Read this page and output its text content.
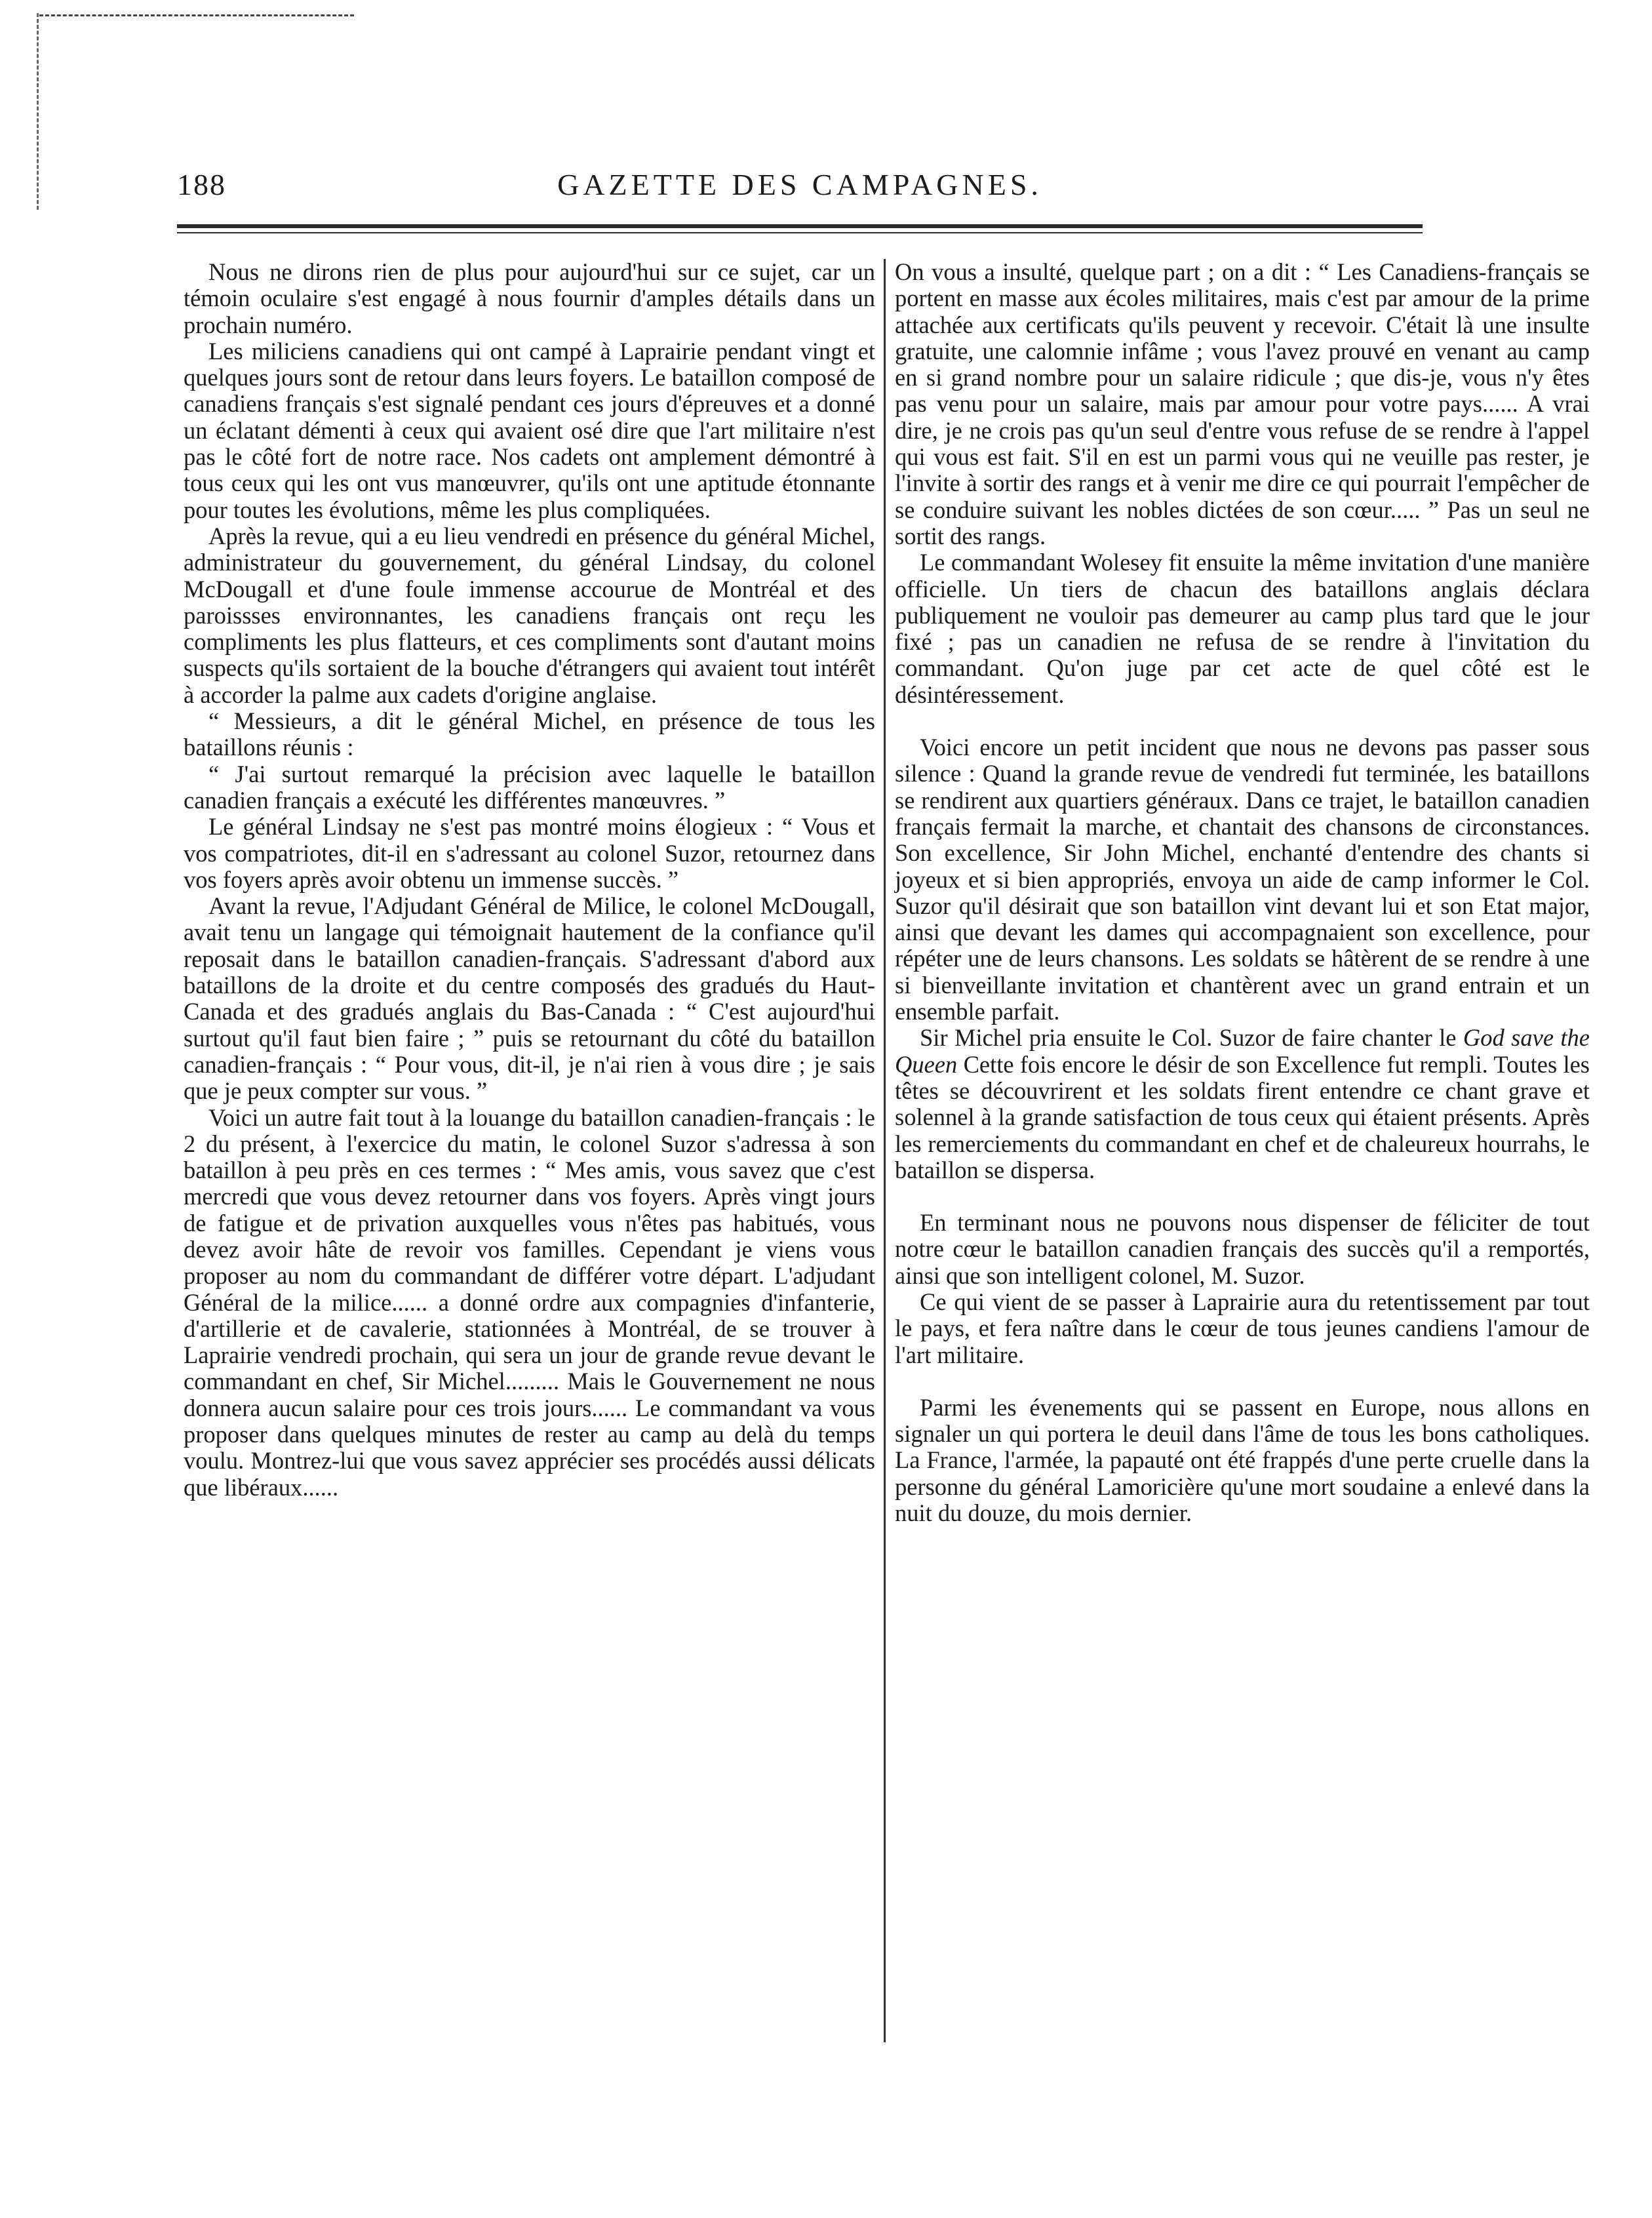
188	GAZETTE DES CAMPAGNES.

Nous ne dirons rien de plus pour aujourd'hui sur ce sujet, car un témoin oculaire s'est engagé à nous fournir d'amples détails dans un prochain numéro.

Les miliciens canadiens qui ont campé à Laprairie pendant vingt et quelques jours sont de retour dans leurs foyers. Le bataillon composé de canadiens français s'est signalé pendant ces jours d'épreuves et a donné un éclatant démenti à ceux qui avaient osé dire que l'art militaire n'est pas le côté fort de notre race. Nos cadets ont amplement démontré à tous ceux qui les ont vus manœuvrer, qu'ils ont une aptitude étonnante pour toutes les évolutions, même les plus compliquées.

Après la revue, qui a eu lieu vendredi en présence du général Michel, administrateur du gouvernement, du général Lindsay, du colonel McDougall et d'une foule immense accourue de Montréal et des paroissses environnantes, les canadiens français ont reçu les compliments les plus flatteurs, et ces compliments sont d'autant moins suspects qu'ils sortaient de la bouche d'étrangers qui avaient tout intérêt à accorder la palme aux cadets d'origine anglaise.

“ Messieurs, a dit le général Michel, en présence de tous les bataillons réunis :

“ J'ai surtout remarqué la précision avec laquelle le bataillon canadien français a exécuté les différentes manœuvres. ”

Le général Lindsay ne s'est pas montré moins élogieux : “ Vous et vos compatriotes, dit-il en s'adressant au colonel Suzor, retournez dans vos foyers après avoir obtenu un immense succès. ”

Avant la revue, l'Adjudant Général de Milice, le colonel McDougall, avait tenu un langage qui témoignait hautement de la confiance qu'il reposait dans le bataillon canadien-français. S'adressant d'abord aux bataillons de la droite et du centre composés des gradués du Haut-Canada et des gradués anglais du Bas-Canada : “ C'est aujourd'hui surtout qu'il faut bien faire ; ” puis se retournant du côté du bataillon canadien-français : “ Pour vous, dit-il, je n'ai rien à vous dire ; je sais que je peux compter sur vous. ”

Voici un autre fait tout à la louange du bataillon canadien-français : le 2 du présent, à l'exercice du matin, le colonel Suzor s'adressa à son bataillon à peu près en ces termes : “ Mes amis, vous savez que c'est mercredi que vous devez retourner dans vos foyers. Après vingt jours de fatigue et de privation auxquelles vous n'êtes pas habitués, vous devez avoir hâte de revoir vos familles. Cependant je viens vous proposer au nom du commandant de différer votre départ. L'adjudant Général de la milice...... a donné ordre aux compagnies d'infanterie, d'artillerie et de cavalerie, stationnées à Montréal, de se trouver à Laprairie vendredi prochain, qui sera un jour de grande revue devant le commandant en chef, Sir Michel......... Mais le Gouvernement ne nous donnera aucun salaire pour ces trois jours...... Le commandant va vous proposer dans quelques minutes de rester au camp au delà du temps voulu. Montrez-lui que vous savez apprécier ses procédés aussi délicats que libéraux......

On vous a insulté, quelque part ; on a dit : “ Les Canadiens-français se portent en masse aux écoles militaires, mais c'est par amour de la prime attachée aux certificats qu'ils peuvent y recevoir. C'était là une insulte gratuite, une calomnie infâme ; vous l'avez prouvé en venant au camp en si grand nombre pour un salaire ridicule ; que dis-je, vous n'y êtes pas venu pour un salaire, mais par amour pour votre pays...... A vrai dire, je ne crois pas qu'un seul d'entre vous refuse de se rendre à l'appel qui vous est fait. S'il en est un parmi vous qui ne veuille pas rester, je l'invite à sortir des rangs et à venir me dire ce qui pourrait l'empêcher de se conduire suivant les nobles dictées de son cœur..... ” Pas un seul ne sortit des rangs.

Le commandant Wolesey fit ensuite la même invitation d'une manière officielle. Un tiers de chacun des bataillons anglais déclara publiquement ne vouloir pas demeurer au camp plus tard que le jour fixé ; pas un canadien ne refusa de se rendre à l'invitation du commandant. Qu'on juge par cet acte de quel côté est le désintéressement.

Voici encore un petit incident que nous ne devons pas passer sous silence : Quand la grande revue de vendredi fut terminée, les bataillons se rendirent aux quartiers généraux. Dans ce trajet, le bataillon canadien français fermait la marche, et chantait des chansons de circonstances. Son excellence, Sir John Michel, enchanté d'entendre des chants si joyeux et si bien appropriés, envoya un aide de camp informer le Col. Suzor qu'il désirait que son bataillon vint devant lui et son Etat major, ainsi que devant les dames qui accompagnaient son excellence, pour répéter une de leurs chansons. Les soldats se hâtèrent de se rendre à une si bienveillante invitation et chantèrent avec un grand entrain et un ensemble parfait.

Sir Michel pria ensuite le Col. Suzor de faire chanter le God save the Queen Cette fois encore le désir de son Excellence fut rempli. Toutes les têtes se découvrirent et les soldats firent entendre ce chant grave et solennel à la grande satisfaction de tous ceux qui étaient présents. Après les remerciements du commandant en chef et de chaleureux hourrahs, le bataillon se dispersa.

En terminant nous ne pouvons nous dispenser de féliciter de tout notre cœur le bataillon canadien français des succès qu'il a remportés, ainsi que son intelligent colonel, M. Suzor.

Ce qui vient de se passer à Laprairie aura du retentissement par tout le pays, et fera naître dans le cœur de tous jeunes candiens l'amour de l'art militaire.

Parmi les évenements qui se passent en Europe, nous allons en signaler un qui portera le deuil dans l'âme de tous les bons catholiques. La France, l'armée, la papauté ont été frappés d'une perte cruelle dans la personne du général Lamoricière qu'une mort soudaine a enlevé dans la nuit du douze, du mois dernier.
